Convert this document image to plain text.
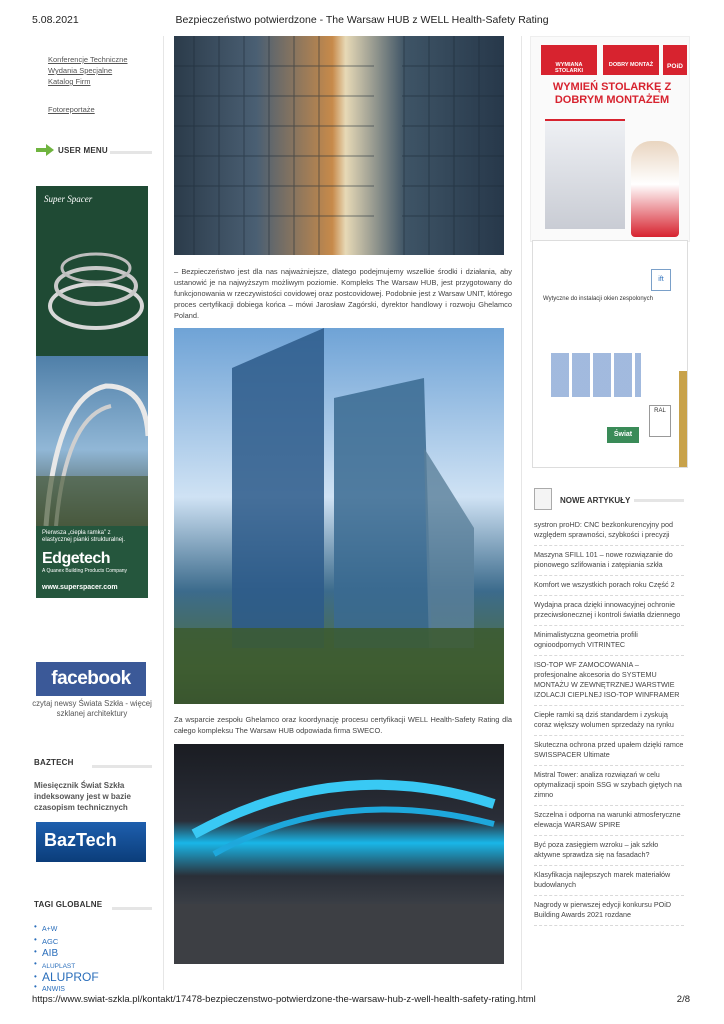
5.08.2021	Bezpieczeństwo potwierdzone - The Warsaw HUB z WELL Health-Safety Rating
Konferencje Techniczne
Wydania Specjalne
Katalog Firm
Fotoreportaże
USER MENU
Super Spacer
Pierwsza „ciepła ramka” z elastycznej pianki strukturalnej.
Edgetech
A Quanex Building Products Company
www.superspacer.com
facebook
czytaj newsy Świata Szkła - więcej szklanej architektury
BAZTECH
Miesięcznik Świat Szkła indeksowany jest w bazie czasopism technicznych
BazTech
TAGI GLOBALNE
• A+W
• AGC
• AIB
• ALUPLAST
• ALUPROF
• ANWIS
– Bezpieczeństwo jest dla nas najważniejsze, dlatego podejmujemy wszelkie środki i działania, aby ustanowić je na najwyższym możliwym poziomie. Kompleks The Warsaw HUB, jest przygotowany do funkcjonowania w rzeczywistości covidowej oraz postcovidowej. Podobnie jest z Warsaw UNIT, którego proces certyfikacji dobiega końca – mówi Jarosław Zagórski, dyrektor handlowy i rozwoju Ghelamco Poland.
Za wsparcie zespołu Ghelamco oraz koordynację procesu certyfikacji WELL Health-Safety Rating dla całego kompleksu The Warsaw HUB odpowiada firma SWECO.
WYMIANA STOLARKI
DOBRY MONTAŻ	POiD
WYMIEŃ STOLARKĘ Z DOBRYM MONTAŻEM
ift
Wytyczne do instalacji okien zespolonych
Świat Szkła
RAL
NOWE ARTYKUŁY
systron proHD: CNC bezkonkurencyjny pod względem sprawności, szybkości i precyzji
Maszyna SFILL 101 – nowe rozwiązanie do pionowego szlifowania i zatępiania szkła
Komfort we wszystkich porach roku Część 2
Wydajna praca dzięki innowacyjnej ochronie przeciwsłonecznej i kontroli światła dziennego
Minimalistyczna geometria profili ognioodpornych VITRINTEC
ISO-TOP WF ZAMOCOWANIA – profesjonalne akcesoria do SYSTEMU MONTAŻU W ZEWNĘTRZNEJ WARSTWIE IZOLACJI CIEPLNEJ ISO-TOP WINFRAMER
Ciepłe ramki są dziś standardem i zyskują coraz większy wolumen sprzedaży na rynku
Skuteczna ochrona przed upałem dzięki ramce SWISSPACER Ultimate
Mistral Tower: analiza rozwiązań w celu optymalizacji spoin SSG w szybach giętych na zimno
Szczelna i odporna na warunki atmosferyczne elewacja WARSAW SPIRE
Być poza zasięgiem wzroku – jak szkło aktywne sprawdza się na fasadach?
Klasyfikacja najlepszych marek materiałów budowlanych
Nagrody w pierwszej edycji konkursu POiD Building Awards 2021 rozdane
https://www.swiat-szkla.pl/kontakt/17478-bezpieczenstwo-potwierdzone-the-warsaw-hub-z-well-health-safety-rating.html	2/8
